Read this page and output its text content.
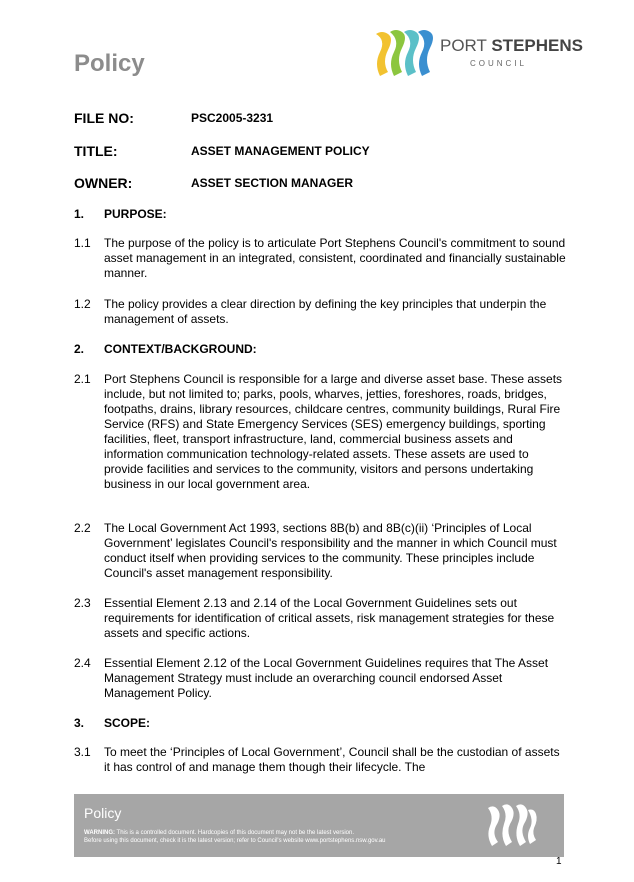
Policy
PORT STEPHENS
COUNCIL
FILE NO:	PSC2005-3231
TITLE:	ASSET MANAGEMENT POLICY
OWNER:	ASSET SECTION MANAGER
1. PURPOSE:
1.1 The purpose of the policy is to articulate Port Stephens Council's commitment to sound asset management in an integrated, consistent, coordinated and financially sustainable manner.
1.2 The policy provides a clear direction by defining the key principles that underpin the management of assets.
2. CONTEXT/BACKGROUND:
2.1 Port Stephens Council is responsible for a large and diverse asset base. These assets include, but not limited to; parks, pools, wharves, jetties, foreshores, roads, bridges, footpaths, drains, library resources, childcare centres, community buildings, Rural Fire Service (RFS) and State Emergency Services (SES) emergency buildings, sporting facilities, fleet, transport infrastructure, land, commercial business assets and information communication technology-related assets. These assets are used to provide facilities and services to the community, visitors and persons undertaking business in our local government area.
2.2 The Local Government Act 1993, sections 8B(b) and 8B(c)(ii) ‘Principles of Local Government’ legislates Council's responsibility and the manner in which Council must conduct itself when providing services to the community. These principles include Council's asset management responsibility.
2.3 Essential Element 2.13 and 2.14 of the Local Government Guidelines sets out requirements for identification of critical assets, risk management strategies for these assets and specific actions.
2.4 Essential Element 2.12 of the Local Government Guidelines requires that The Asset Management Strategy must include an overarching council endorsed Asset Management Policy.
3. SCOPE:
3.1 To meet the ‘Principles of Local Government’, Council shall be the custodian of assets it has control of and manage them though their lifecycle. The
Policy
WARNING: This is a controlled document. Hardcopies of this document may not be the latest version.
Before using this document, check it is the latest version; refer to Council's website www.portstephens.nsw.gov.au
1
